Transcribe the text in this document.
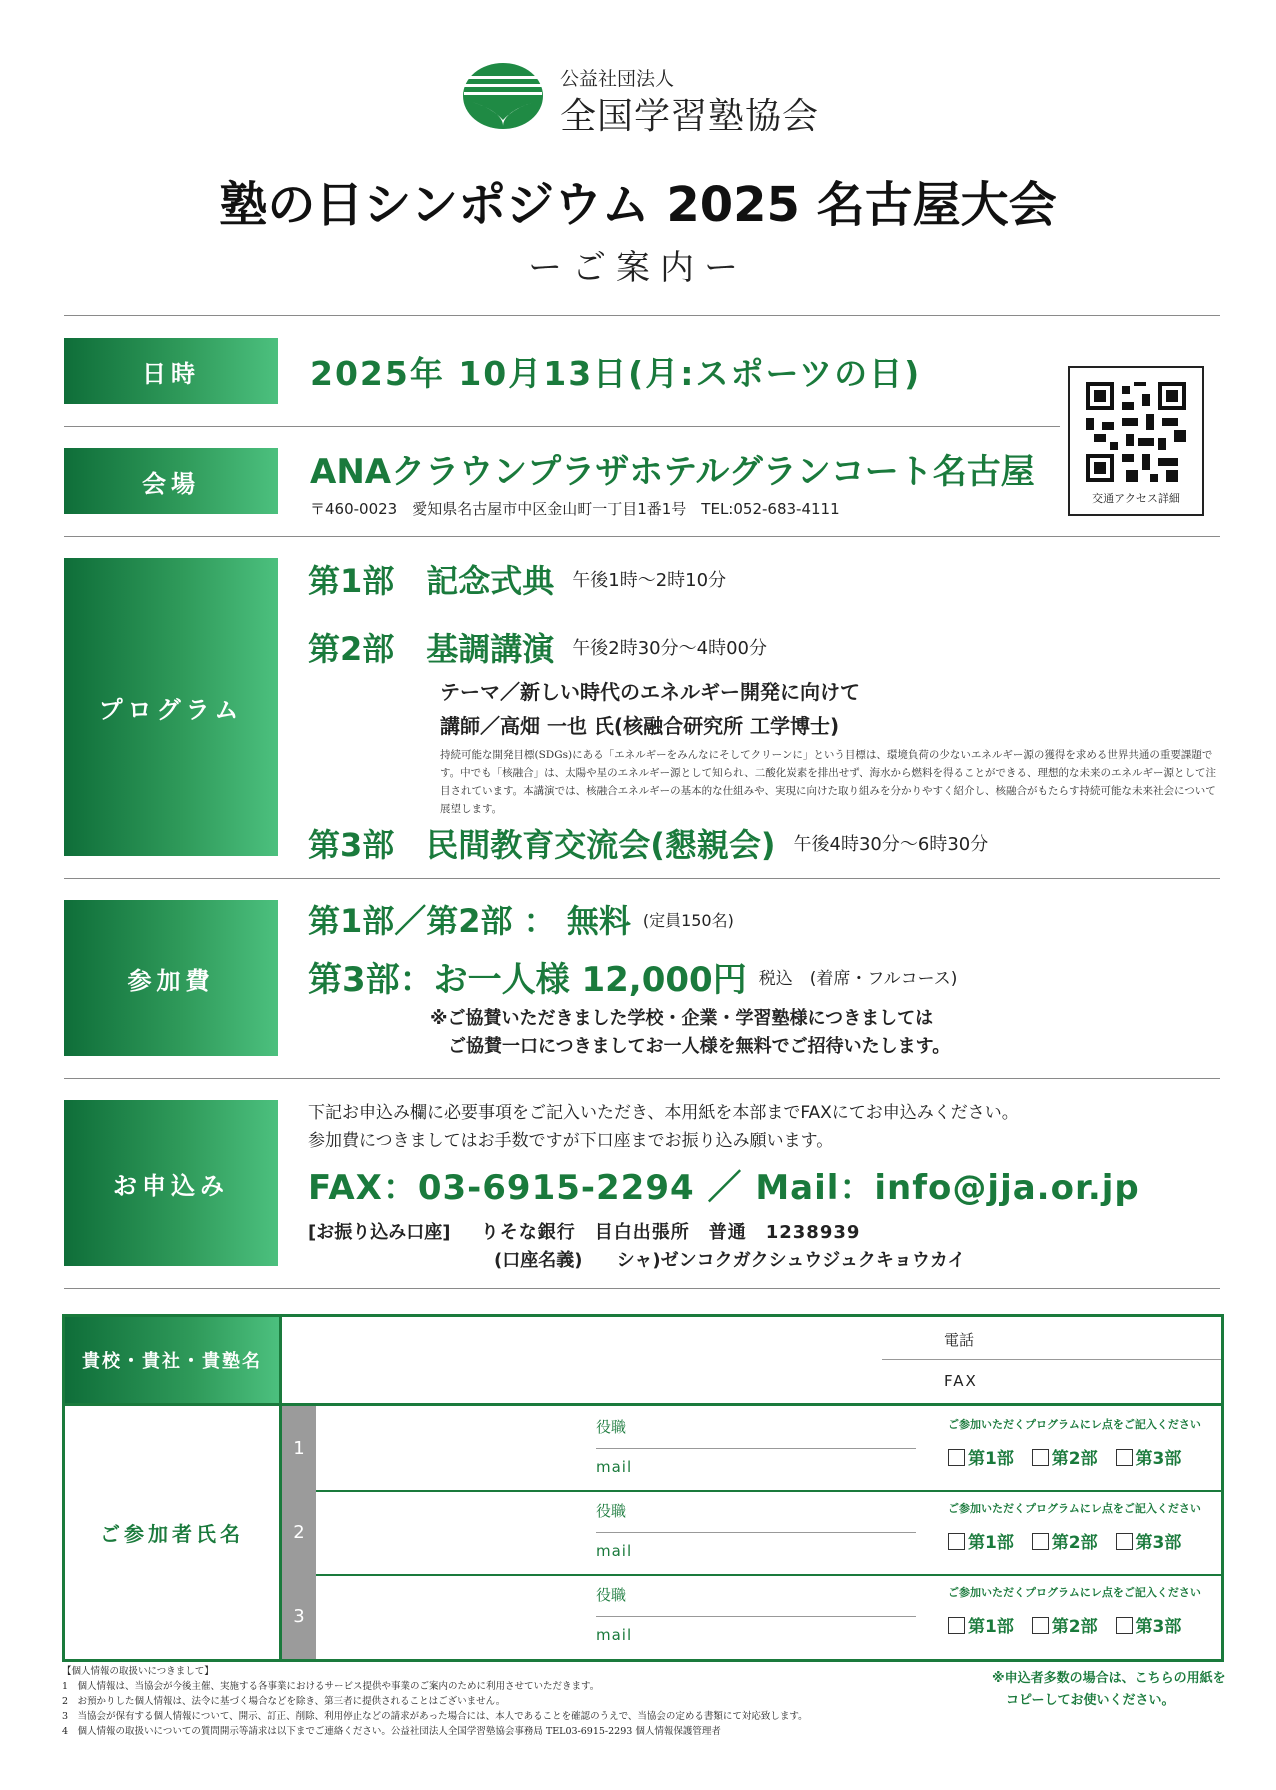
公益社団法人
全国学習塾協会
塾の日シンポジウム 2025 名古屋大会
ーご案内ー
日時	2025年 10月13日(月:スポーツの日)
交通アクセス詳細
会場	ANAクラウンプラザホテルグランコート名古屋
〒460-0023　愛知県名古屋市中区金山町一丁目1番1号　TEL:052-683-4111
プログラム
第1部　記念式典 午後1時～2時10分
第2部　基調講演 午後2時30分～4時00分
テーマ／新しい時代のエネルギー開発に向けて
講師／高畑 一也 氏(核融合研究所 工学博士)
持続可能な開発目標(SDGs)にある「エネルギーをみんなにそしてクリーンに」という目標は、環境負荷の少ないエネルギー源の獲得を求める世界共通の重要課題です。中でも「核融合」は、太陽や星のエネルギー源として知られ、二酸化炭素を排出せず、海水から燃料を得ることができる、理想的な未来のエネルギー源として注目されています。本講演では、核融合エネルギーの基本的な仕組みや、実現に向けた取り組みを分かりやすく紹介し、核融合がもたらす持続可能な未来社会について展望します。
第3部　民間教育交流会(懇親会) 午後4時30分～6時30分
参加費
第1部／第2部 ： 無料 (定員150名)
第3部：お一人様 12,000円 税込　(着席・フルコース)
※ご協賛いただきました学校・企業・学習塾様につきましては
ご協賛一口につきましてお一人様を無料でご招待いたします。
お申込み
下記お申込み欄に必要事項をご記入いただき、本用紙を本部までFAXにてお申込みください。
参加費につきましてはお手数ですが下口座までお振り込み願います。
FAX：03-6915-2294 ／ Mail：info@jja.or.jp
[お振り込み口座] りそな銀行　目白出張所　普通　1238939
(口座名義) シャ)ゼンコクガクシュウジュクキョウカイ
貴校・貴社・貴塾名
電話
FAX
ご参加者氏名
1
役職
mail
ご参加いただくプログラムにレ点をご記入ください
第1部 第2部 第3部
2
役職
mail
ご参加いただくプログラムにレ点をご記入ください
第1部 第2部 第3部
3
役職
mail
ご参加いただくプログラムにレ点をご記入ください
第1部 第2部 第3部
【個人情報の取扱いにつきまして】
1　個人情報は、当協会が今後主催、実施する各事業におけるサービス提供や事業のご案内のために利用させていただきます。
2　お預かりした個人情報は、法令に基づく場合などを除き、第三者に提供されることはございません。
3　当協会が保有する個人情報について、開示、訂正、削除、利用停止などの請求があった場合には、本人であることを確認のうえで、当協会の定める書類にて対応致します。
4　個人情報の取扱いについての質問開示等請求は以下までご連絡ください。公益社団法人全国学習塾協会事務局 TEL03-6915-2293 個人情報保護管理者
※申込者多数の場合は、こちらの用紙を
コピーしてお使いください。
